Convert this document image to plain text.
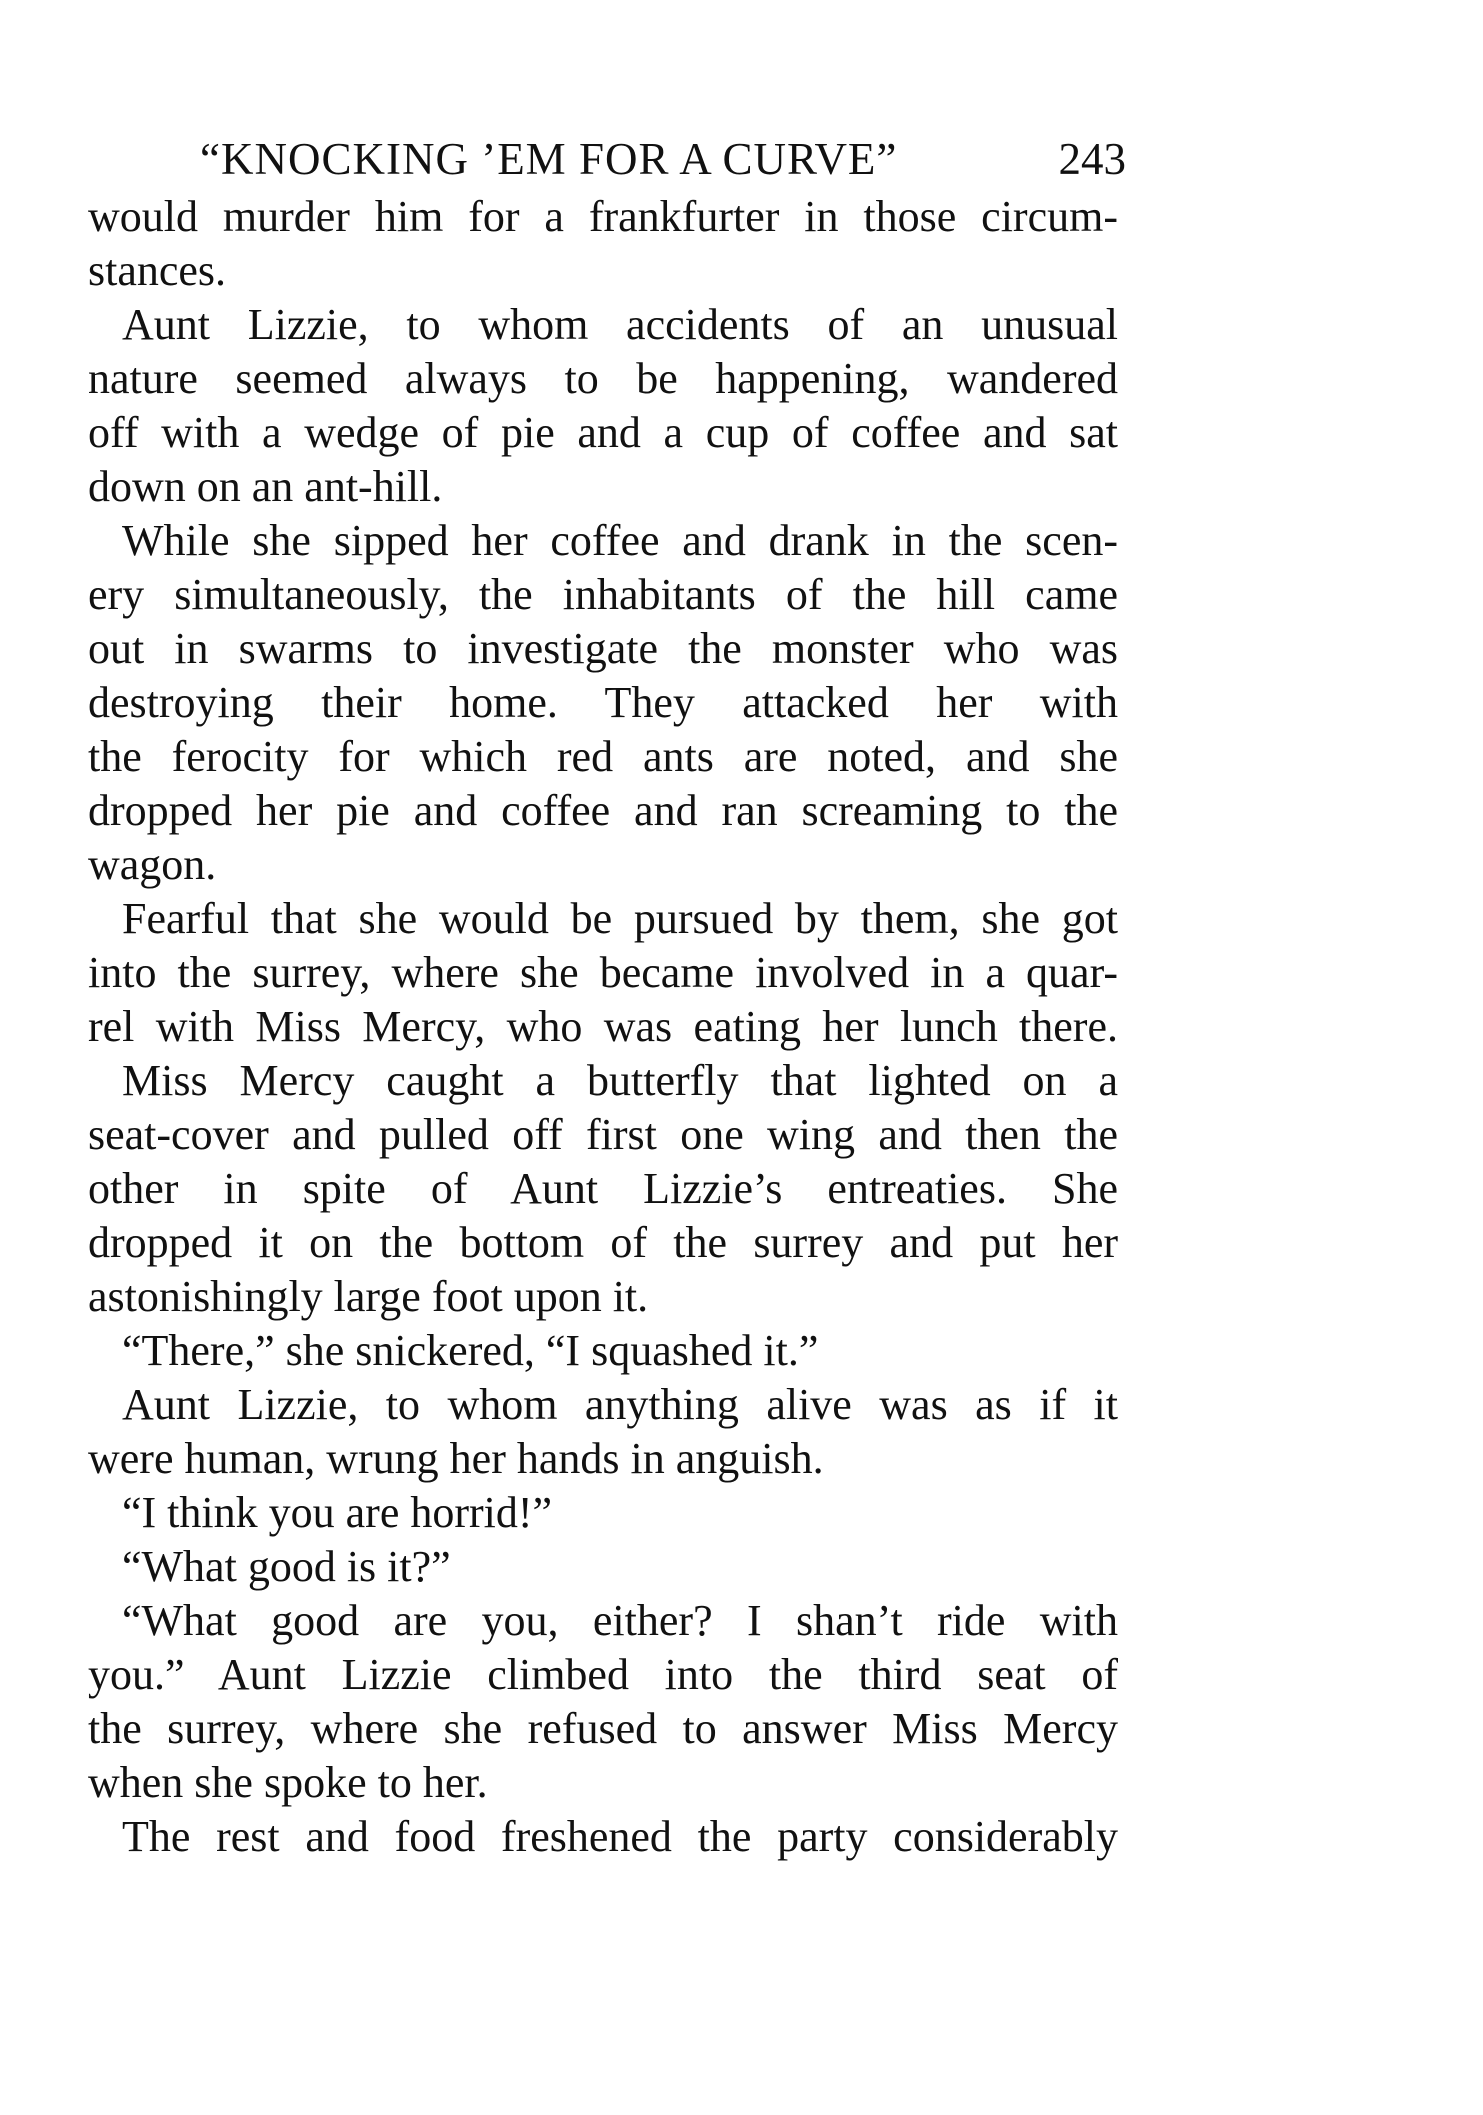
“KNOCKING ’EM FOR A CURVE”	243
would murder him for a frankfurter in those circum-
stances.
Aunt Lizzie, to whom accidents of an unusual
nature seemed always to be happening, wandered
off with a wedge of pie and a cup of coffee and sat
down on an ant-hill.
While she sipped her coffee and drank in the scen-
ery simultaneously, the inhabitants of the hill came
out in swarms to investigate the monster who was
destroying their home. They attacked her with
the ferocity for which red ants are noted, and she
dropped her pie and coffee and ran screaming to the
wagon.
Fearful that she would be pursued by them, she got
into the surrey, where she became involved in a quar-
rel with Miss Mercy, who was eating her lunch there.
Miss Mercy caught a butterfly that lighted on a
seat-cover and pulled off first one wing and then the
other in spite of Aunt Lizzie’s entreaties. She
dropped it on the bottom of the surrey and put her
astonishingly large foot upon it.
“There,” she snickered, “I squashed it.”
Aunt Lizzie, to whom anything alive was as if it
were human, wrung her hands in anguish.
“I think you are horrid!”
“What good is it?”
“What good are you, either? I shan’t ride with
you.” Aunt Lizzie climbed into the third seat of
the surrey, where she refused to answer Miss Mercy
when she spoke to her.
The rest and food freshened the party considerably
